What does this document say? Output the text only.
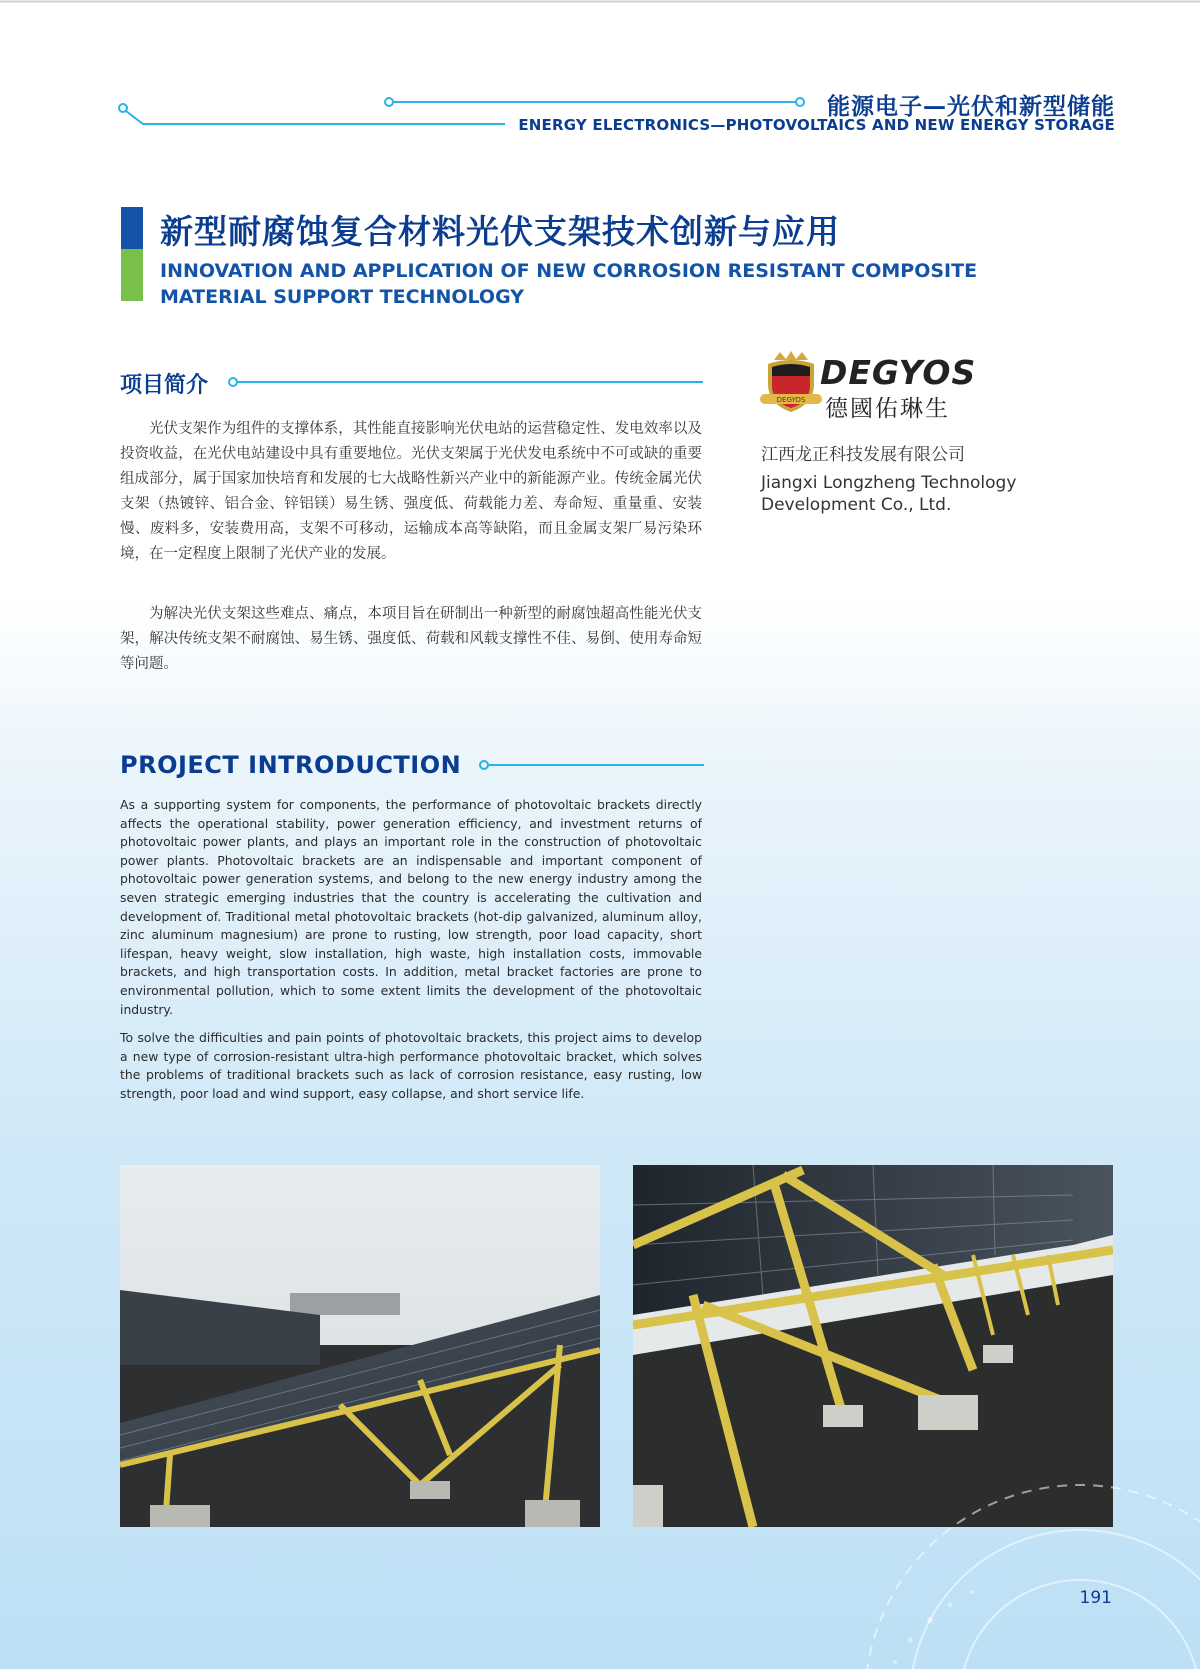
能源电子—光伏和新型储能
ENERGY ELECTRONICS—PHOTOVOLTAICS AND NEW ENERGY STORAGE
新型耐腐蚀复合材料光伏支架技术创新与应用
INNOVATION AND APPLICATION OF NEW CORROSION RESISTANT COMPOSITE
MATERIAL SUPPORT TECHNOLOGY
项目简介

光伏支架作为组件的支撑体系，其性能直接影响光伏电站的运营稳定性、发电效率以及投资收益，在光伏电站建设中具有重要地位。光伏支架属于光伏发电系统中不可或缺的重要组成部分，属于国家加快培育和发展的七大战略性新兴产业中的新能源产业。传统金属光伏支架（热镀锌、铝合金、锌铝镁）易生锈、强度低、荷载能力差、寿命短、重量重、安装慢、废料多，安装费用高，支架不可移动，运输成本高等缺陷，而且金属支架厂易污染环境，在一定程度上限制了光伏产业的发展。

为解决光伏支架这些难点、痛点，本项目旨在研制出一种新型的耐腐蚀超高性能光伏支架，解决传统支架不耐腐蚀、易生锈、强度低、荷载和风载支撑性不佳、易倒、使用寿命短等问题。

PROJECT INTRODUCTION

As a supporting system for components, the performance of photovoltaic brackets directly affects the operational stability, power generation efficiency, and investment returns of photovoltaic power plants, and plays an important role in the construction of photovoltaic power plants. Photovoltaic brackets are an indispensable and important component of photovoltaic power generation systems, and belong to the new energy industry among the seven strategic emerging industries that the country is accelerating the cultivation and development of. Traditional metal photovoltaic brackets (hot-dip galvanized, aluminum alloy, zinc aluminum magnesium) are prone to rusting, low strength, poor load capacity, short lifespan, heavy weight, slow installation, high waste, high installation costs, immovable brackets, and high transportation costs. In addition, metal bracket factories are prone to environmental pollution, which to some extent limits the development of the photovoltaic industry.

To solve the difficulties and pain points of photovoltaic brackets, this project aims to develop a new type of corrosion-resistant ultra-high performance photovoltaic bracket, which solves the problems of traditional brackets such as lack of corrosion resistance, easy rusting, low strength, poor load and wind support, easy collapse, and short service life.

DEGYOS
DEGYOS
德國佑琳生
江西龙正科技发展有限公司
Jiangxi Longzheng Technology
Development Co., Ltd.
191
